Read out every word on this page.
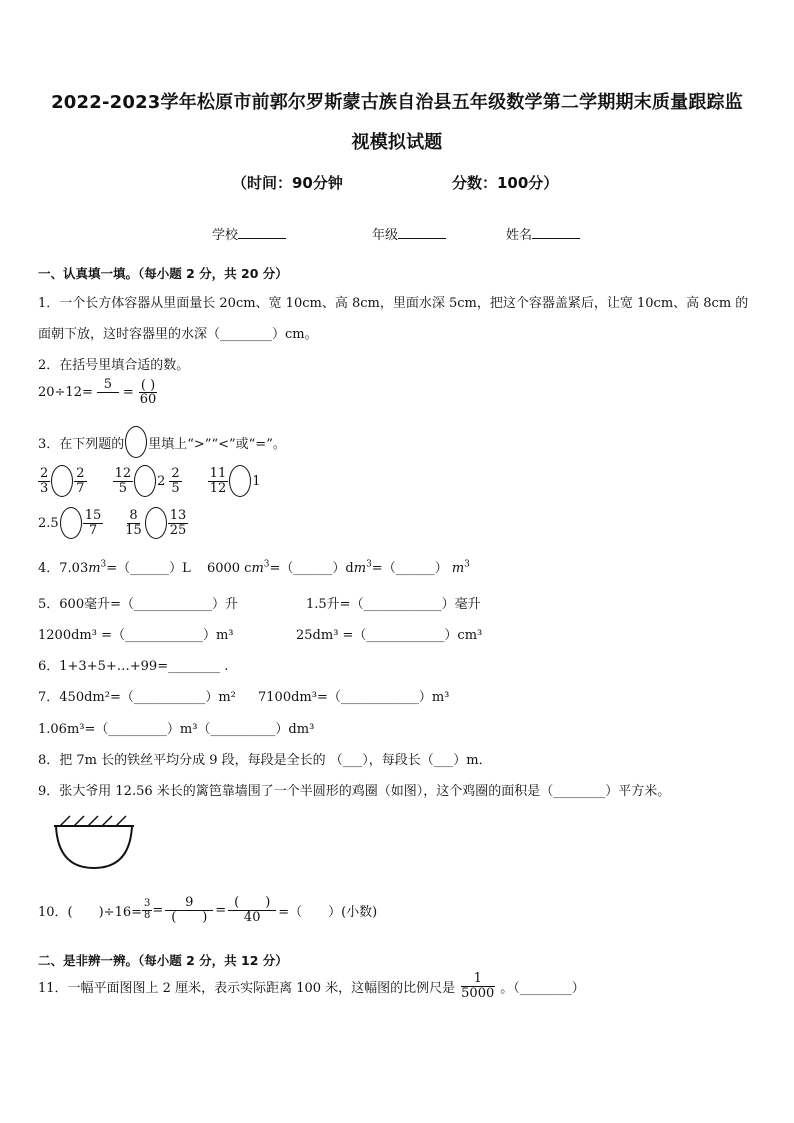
2022-2023学年松原市前郭尔罗斯蒙古族自治县五年级数学第二学期期末质量跟踪监
视模拟试题
（时间：90分钟	分数：100分）
学校	年级	姓名
一、认真填一填。（每小题 2 分，共 20 分）
1．一个长方体容器从里面量长 20cm、宽 10cm、高 8cm，里面水深 5cm，把这个容器盖紧后，让宽 10cm、高 8cm 的
面朝下放，这时容器里的水深（________）cm。
2．在括号里填合适的数。
20÷12=
5
= $\frac{( )}{60}$
3．在下列题的 里填上“>”“<”或“=”。
$\frac{2}{3} \frac{2}{7} \frac{12}{5} 2 \frac{2}{5} \frac{11}{12} 1$
$2.5 \frac{15}{7} \frac{8}{15} \frac{13}{25}$
4．$7.03m^3=(\_\_\_\_\_\_)L$ 6000 $cm^3=(\_\_\_\_\_\_)dm^3=(\_\_\_\_\_\_)$ $m^3$
5．600毫升=（____________）升	1.5升=（____________）毫升
1200dm³ =（____________）m³	25dm³ =（____________）cm³
6．1+3+5+…+99=________ .
7．450dm²=（___________）m² 7100dm³=（____________）m³
1.06m³=（_________）m³（__________）dm³
8．把 7m 长的铁丝平均分成 9 段，每段是全长的 （___），每段长（___）m．
9．张大爷用 12.56 米长的篱笆靠墙围了一个半圆形的鸡圈（如图），这个鸡圈的面积是（________）平方米。
10．(　　)$\div 16= \frac{3}{8} = \frac{9}{( )} = \frac{( )}{40}$ =（　　）(小数)
二、是非辨一辨。（每小题 2 分，共 12 分）
11．一幅平面图图上 2 厘米，表示实际距离 100 米，这幅图的比例尺是 $\frac{1}{5000}$ 。（________）
